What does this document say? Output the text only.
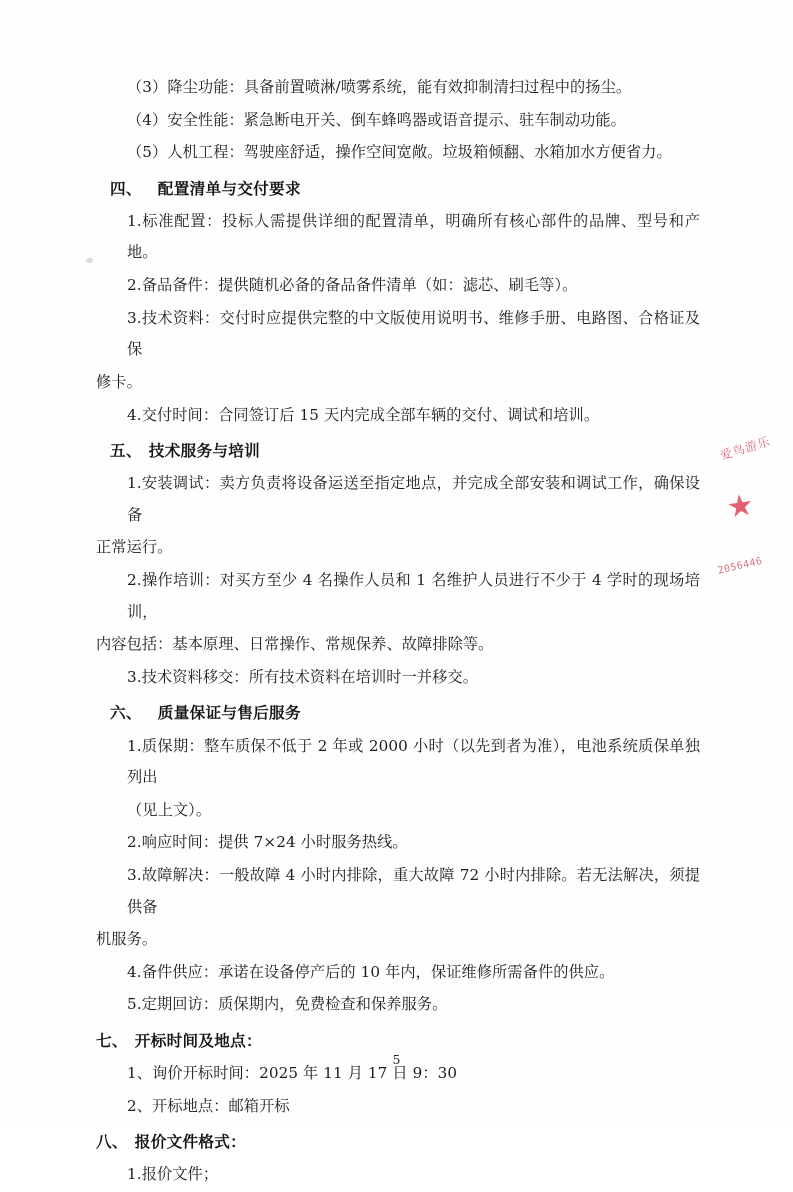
（3）降尘功能：具备前置喷淋/喷雾系统，能有效抑制清扫过程中的扬尘。

（4）安全性能：紧急断电开关、倒车蜂鸣器或语音提示、驻车制动功能。

（5）人机工程：驾驶座舒适，操作空间宽敞。垃圾箱倾翻、水箱加水方便省力。

四、 配置清单与交付要求

1.标准配置：投标人需提供详细的配置清单，明确所有核心部件的品牌、型号和产地。

2.备品备件：提供随机必备的备品备件清单（如：滤芯、刷毛等）。

3.技术资料：交付时应提供完整的中文版使用说明书、维修手册、电路图、合格证及保

修卡。

4.交付时间：合同签订后 15 天内完成全部车辆的交付、调试和培训。

五、 技术服务与培训

1.安装调试：卖方负责将设备运送至指定地点，并完成全部安装和调试工作，确保设备

正常运行。

2.操作培训：对买方至少 4 名操作人员和 1 名维护人员进行不少于 4 学时的现场培训，

内容包括：基本原理、日常操作、常规保养、故障排除等。

3.技术资料移交：所有技术资料在培训时一并移交。

六、 质量保证与售后服务

1.质保期：整车质保不低于 2 年或 2000 小时（以先到者为准），电池系统质保单独列出

（见上文）。

2.响应时间：提供 7×24 小时服务热线。

3.故障解决：一般故障 4 小时内排除，重大故障 72 小时内排除。若无法解决，须提供备

机服务。

4.备件供应：承诺在设备停产后的 10 年内，保证维修所需备件的供应。

5.定期回访：质保期内，免费检查和保养服务。

七、 开标时间及地点：

1、询价开标时间：2025 年 11 月 17 日 9：30

2、开标地点：邮箱开标

八、 报价文件格式：

1.报价文件；

爱鸟游乐
★
2056446
5
